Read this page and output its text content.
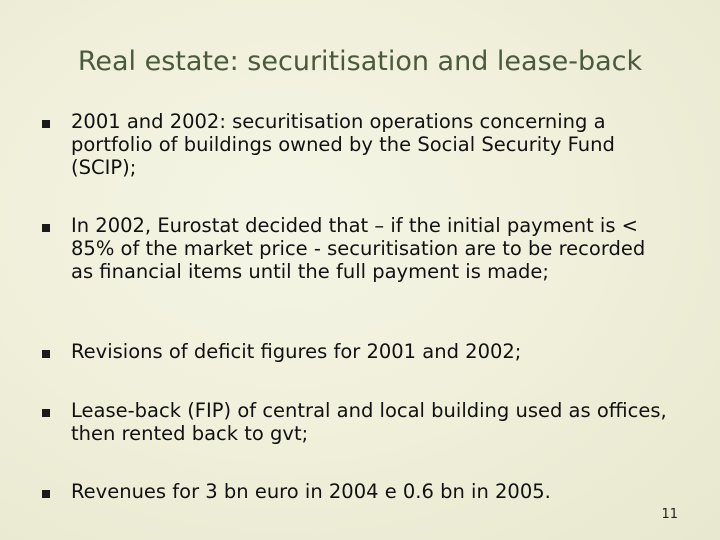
Real estate: securitisation and lease-back
2001 and 2002: securitisation operations concerning a portfolio of buildings owned by the Social Security Fund (SCIP);
In 2002, Eurostat decided that – if the initial payment is < 85% of the market price - securitisation are to be recorded as financial items until the full payment is made;
Revisions of deficit figures for 2001 and 2002;
Lease-back (FIP) of central and local building used as offices, then rented back to gvt;
Revenues for 3 bn euro in 2004 e 0.6 bn in 2005.
11
